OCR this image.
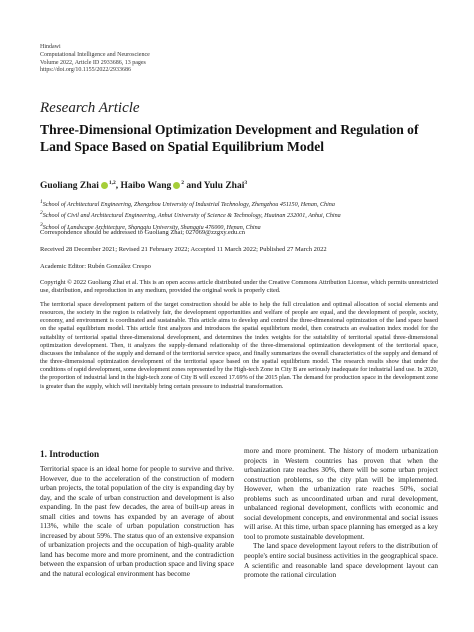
Hindawi
Computational Intelligence and Neuroscience
Volume 2022, Article ID 2933686, 13 pages
https://doi.org/10.1155/2022/2933686
Research Article
Three-Dimensional Optimization Development and Regulation of Land Space Based on Spatial Equilibrium Model
Guoliang Zhai $^{1,2}$, Haibo Wang $^2$ and Yulu Zhai$^3$
1School of Architectural Engineering, Zhengzhou University of Industrial Technology, Zhengzhou 451150, Henan, China
2School of Civil and Architectural Engineering, Anhui University of Science & Technology, Huainan 232001, Anhui, China
3School of Landscape Architecture, Shangqiu University, Shangqiu 476000, Henan, China
Correspondence should be addressed to Guoliang Zhai; 027069@zzgxy.edu.cn
Received 28 December 2021; Revised 21 February 2022; Accepted 11 March 2022; Published 27 March 2022
Academic Editor: Rubén González Crespo
Copyright © 2022 Guoliang Zhai et al. This is an open access article distributed under the Creative Commons Attribution License, which permits unrestricted use, distribution, and reproduction in any medium, provided the original work is properly cited.
The territorial space development pattern of the target construction should be able to help the full circulation and optimal allocation of social elements and resources, the society in the region is relatively fair, the development opportunities and welfare of people are equal, and the development of people, society, economy, and environment is coordinated and sustainable. This article aims to develop and control the three-dimensional optimization of the land space based on the spatial equilibrium model. This article first analyzes and introduces the spatial equilibrium model, then constructs an evaluation index model for the suitability of territorial spatial three-dimensional development, and determines the index weights for the suitability of territorial spatial three-dimensional optimization development. Then, it analyzes the supply-demand relationship of the three-dimensional optimization development of the territorial space, discusses the imbalance of the supply and demand of the territorial service space, and finally summarizes the overall characteristics of the supply and demand of the three-dimensional optimization development of the territorial space based on the spatial equilibrium model. The research results show that under the conditions of rapid development, some development zones represented by the High-tech Zone in City B are seriously inadequate for industrial land use. In 2020, the proportion of industrial land in the high-tech zone of City B will exceed 17.69% of the 2015 plan. The demand for production space in the development zone is greater than the supply, which will inevitably bring certain pressure to industrial transformation.
1. Introduction

Territorial space is an ideal home for people to survive and thrive. However, due to the acceleration of the construction of modern urban projects, the total population of the city is expanding day by day, and the scale of urban construction and development is also expanding. In the past few decades, the area of built-up areas in small cities and towns has expanded by an average of about 113%, while the scale of urban population construction has increased by about 59%. The status quo of an extensive expansion of urbanization projects and the occupation of high-quality arable land has become more and more prominent, and the contradiction between the expansion of urban production space and living space and the natural ecological environment has become

more and more prominent. The history of modern urbanization projects in Western countries has proven that when the urbanization rate reaches 30%, there will be some urban project construction problems, so the city plan will be implemented. However, when the urbanization rate reaches 50%, social problems such as uncoordinated urban and rural development, unbalanced regional development, conflicts with economic and social development concepts, and environmental and social issues will arise. At this time, urban space planning has emerged as a key tool to promote sustainable development.

The land space development layout refers to the distribution of people's entire social business activities in the geographical space. A scientific and reasonable land space development layout can promote the rational circulation
